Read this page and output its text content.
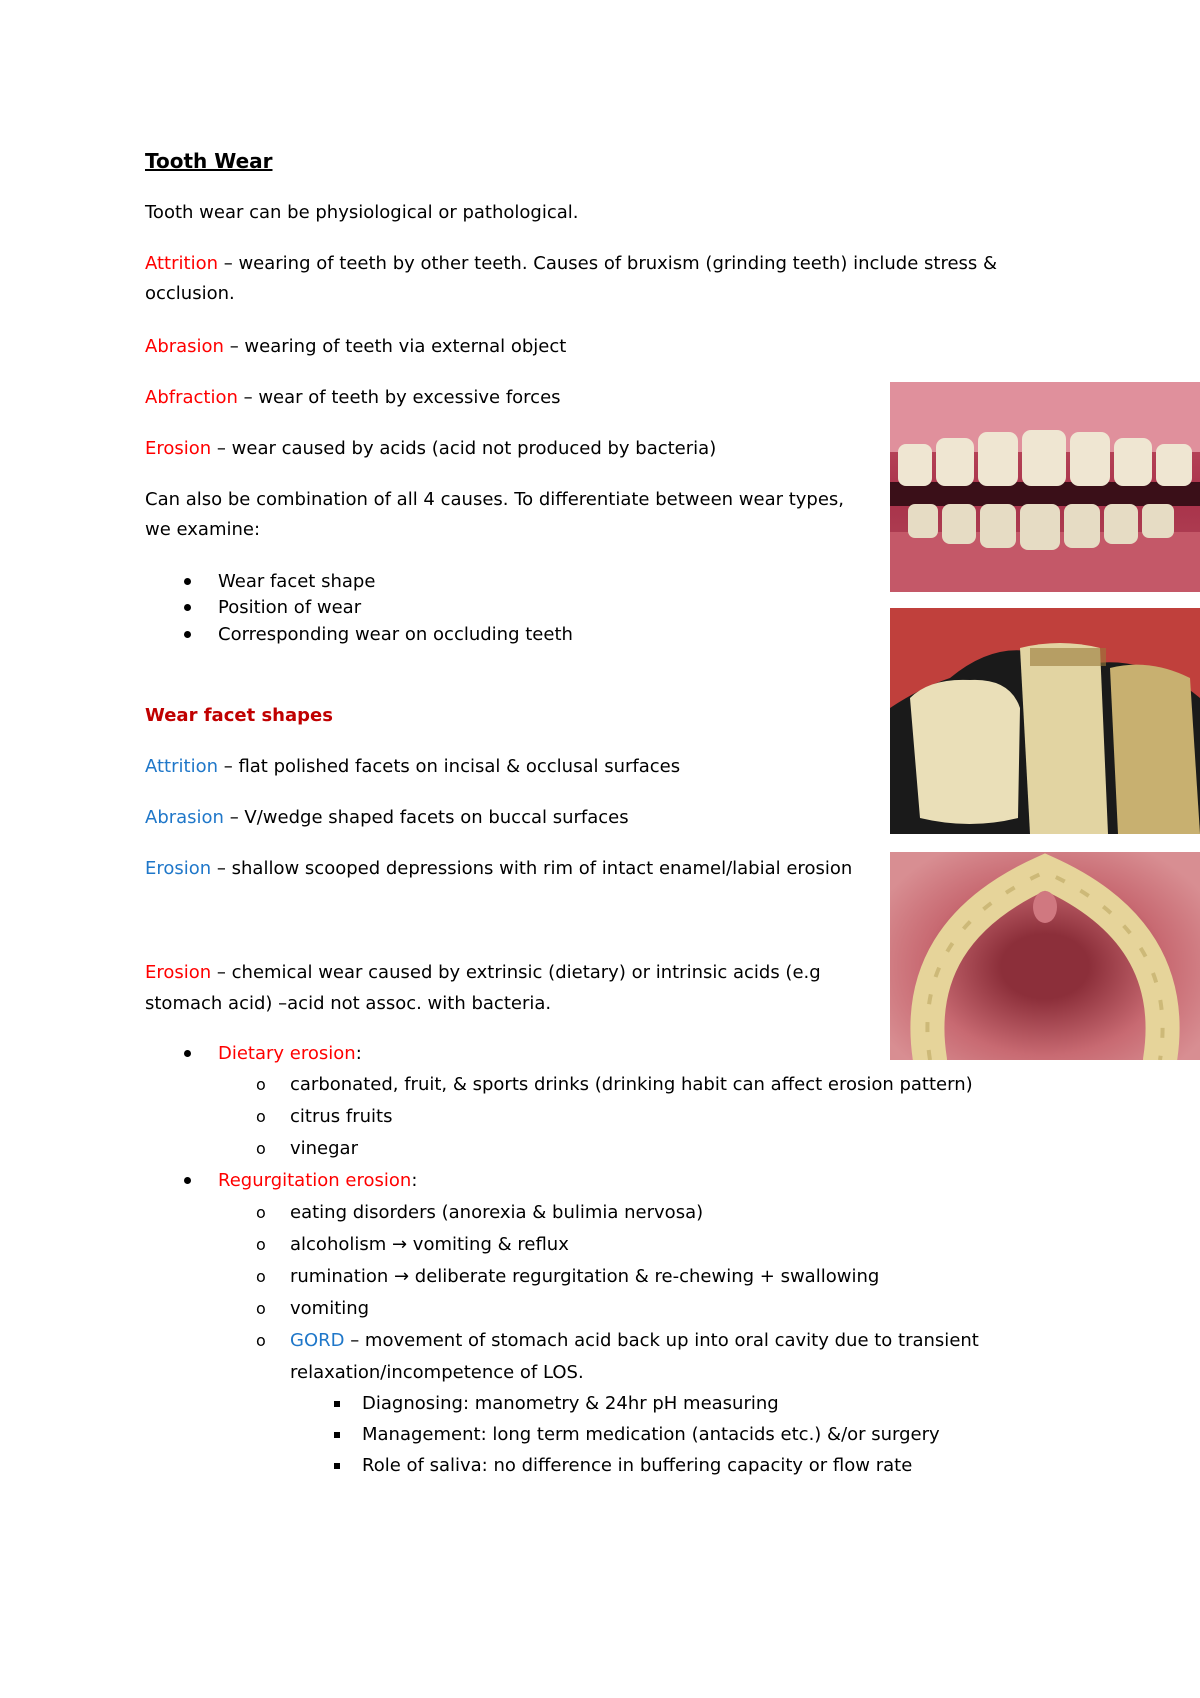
Tooth Wear
Tooth wear can be physiological or pathological.
Attrition – wearing of teeth by other teeth. Causes of bruxism (grinding teeth) include stress &
occlusion.
Abrasion – wearing of teeth via external object
Abfraction – wear of teeth by excessive forces
Erosion – wear caused by acids (acid not produced by bacteria)
Can also be combination of all 4 causes. To differentiate between wear types,
we examine:
Wear facet shape
Position of wear
Corresponding wear on occluding teeth
Wear facet shapes
Attrition – flat polished facets on incisal & occlusal surfaces
Abrasion – V/wedge shaped facets on buccal surfaces
Erosion – shallow scooped depressions with rim of intact enamel/labial erosion
Erosion – chemical wear caused by extrinsic (dietary) or intrinsic acids (e.g
stomach acid) –acid not assoc. with bacteria.
Dietary erosion:
o carbonated, fruit, & sports drinks (drinking habit can affect erosion pattern)
o citrus fruits
o vinegar
Regurgitation erosion:
o eating disorders (anorexia & bulimia nervosa)
o alcoholism → vomiting & reflux
o rumination → deliberate regurgitation & re-chewing + swallowing
o vomiting
o GORD – movement of stomach acid back up into oral cavity due to transient
relaxation/incompetence of LOS.
Diagnosing: manometry & 24hr pH measuring
Management: long term medication (antacids etc.) &/or surgery
Role of saliva: no difference in buffering capacity or flow rate
